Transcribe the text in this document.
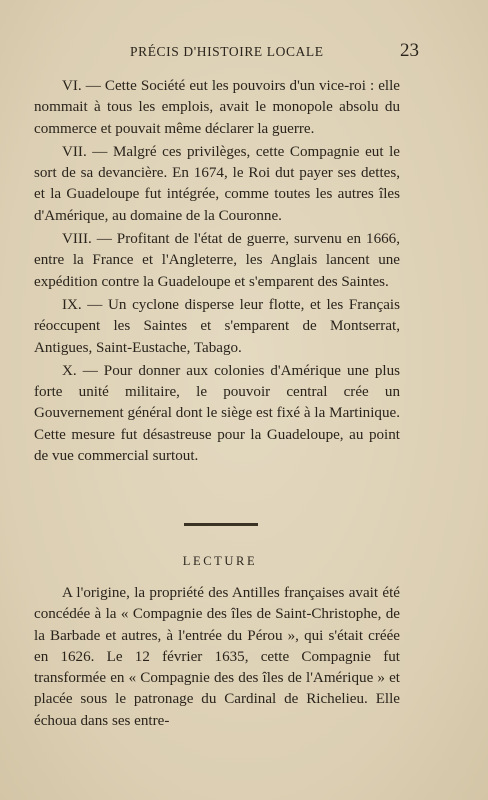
PRÉCIS D'HISTOIRE LOCALE	23

VI. — Cette Société eut les pouvoirs d'un vice-roi : elle nommait à tous les emplois, avait le monopole absolu du commerce et pouvait même déclarer la guerre.

VII. — Malgré ces privilèges, cette Compagnie eut le sort de sa devancière. En 1674, le Roi dut payer ses dettes, et la Guadeloupe fut intégrée, comme toutes les autres îles d'Amérique, au domaine de la Couronne.

VIII. — Profitant de l'état de guerre, survenu en 1666, entre la France et l'Angleterre, les Anglais lancent une expédition contre la Guadeloupe et s'emparent des Saintes.

IX. — Un cyclone disperse leur flotte, et les Français réoccupent les Saintes et s'emparent de Montserrat, Antigues, Saint-Eustache, Tabago.

X. — Pour donner aux colonies d'Amérique une plus forte unité militaire, le pouvoir central crée un Gouvernement général dont le siège est fixé à la Martinique. Cette mesure fut désastreuse pour la Guadeloupe, au point de vue commercial surtout.

LECTURE

A l'origine, la propriété des Antilles françaises avait été concédée à la « Compagnie des îles de Saint-Christophe, de la Barbade et autres, à l'entrée du Pérou », qui s'était créée en 1626. Le 12 février 1635, cette Compagnie fut transformée en « Compagnie des des îles de l'Amérique » et placée sous le patronage du Cardinal de Richelieu. Elle échoua dans ses entre-
